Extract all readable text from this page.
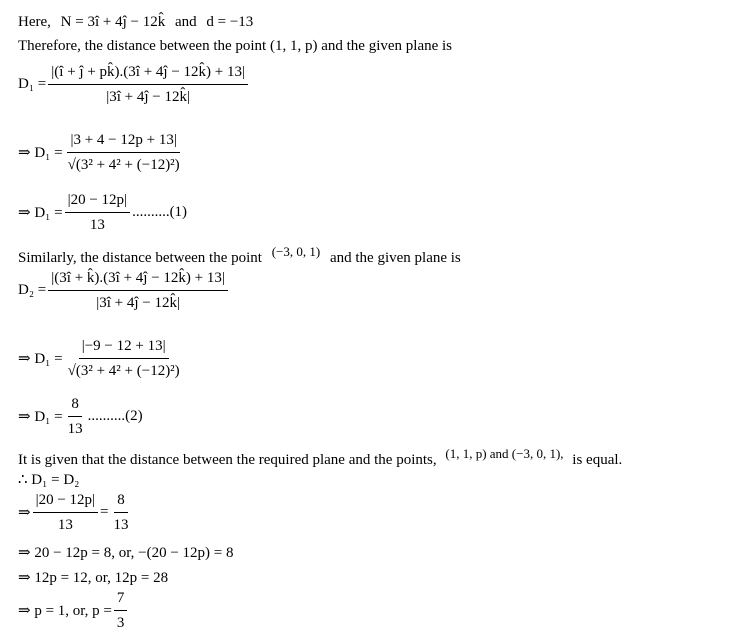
Here, N = 3î + 4ĵ − 12k̂ and d = −13
Therefore, the distance between the point (1, 1, p) and the given plane is
$D_1 = \frac{|(î + ĵ + pk̂).(3î + 4ĵ - 12k̂) + 13|}{|3î + 4ĵ - 12k̂|}$
⇒ $D_1 = \frac{|3 + 4 - 12p + 13|}{\text{√(3² + 4² + (−12)²)}}$
⇒ $D_1 = \frac{|20 - 12p|}{13} ..........(1)$
Similarly, the distance between the point (−3, 0, 1) and the given plane is
$D_2 = \frac{|(3î + k̂).(3î + 4ĵ - 12k̂) + 13|}{|3î + 4ĵ - 12k̂|}$
⇒ $D_1 = \frac{|-9 - 12 + 13|}{\text{√(3² + 4² + (−12)²)}}$
⇒ $D_1 = \frac{8}{13} ..........(2)$
It is given that the distance between the required plane and the points, (1, 1, p) and (−3, 0, 1), is equal.
∴ D₁ = D₂
⇒ $\frac{|20 - 12p|}{13} = \frac{8}{13}$
⇒ 20 − 12p = 8, or, −(20 − 12p) = 8
⇒ 12p = 12, or, 12p = 28
⇒ p = 1, or, $p = \frac{7}{3}$
